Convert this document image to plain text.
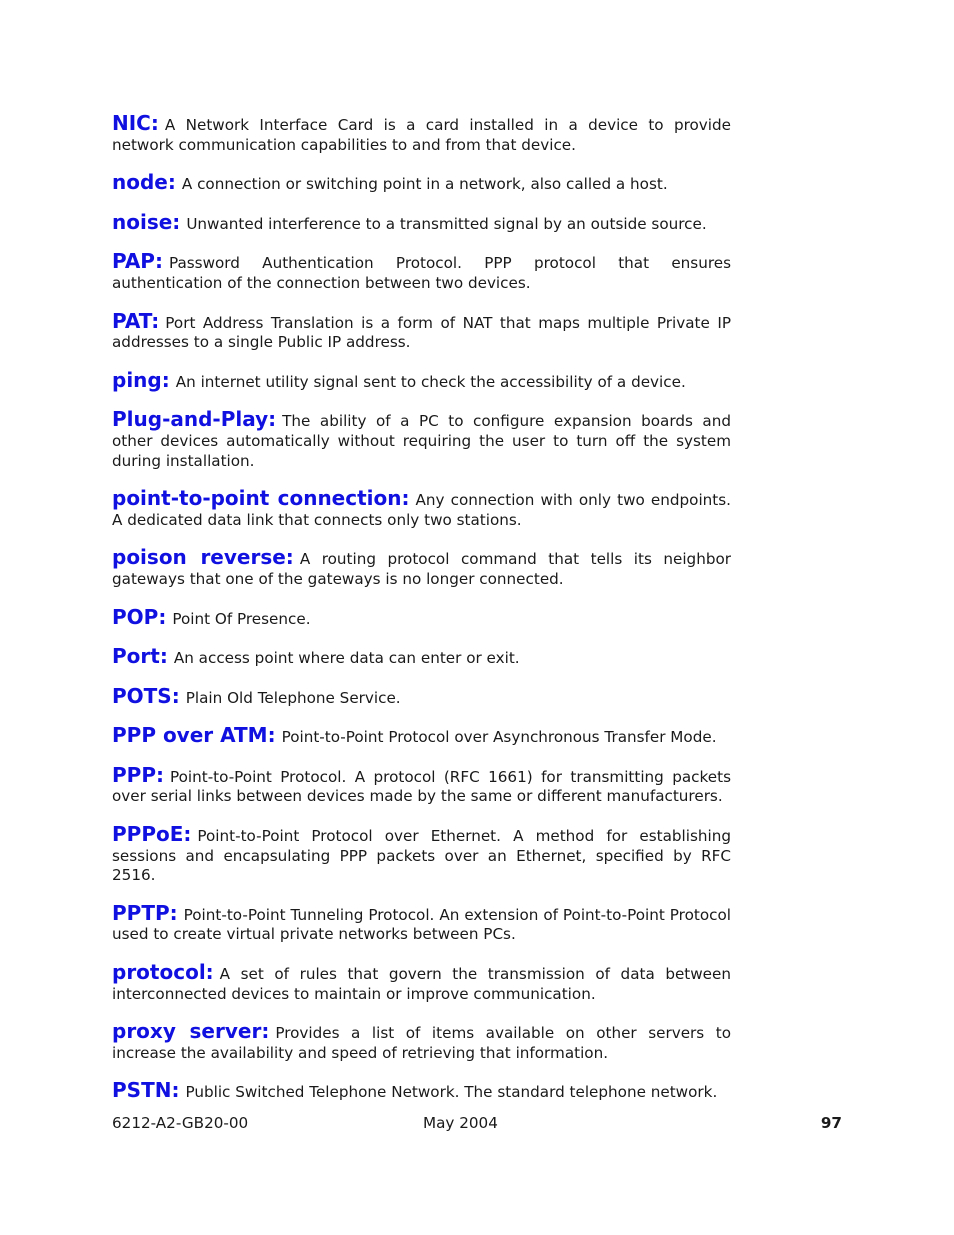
NIC: A Network Interface Card is a card installed in a device to provide network communication capabilities to and from that device.

node: A connection or switching point in a network, also called a host.

noise: Unwanted interference to a transmitted signal by an outside source.

PAP: Password Authentication Protocol. PPP protocol that ensures authentication of the connection between two devices.

PAT: Port Address Translation is a form of NAT that maps multiple Private IP addresses to a single Public IP address.

ping: An internet utility signal sent to check the accessibility of a device.

Plug-and-Play: The ability of a PC to configure expansion boards and other devices automatically without requiring the user to turn off the system during installation.

point-to-point connection: Any connection with only two endpoints. A dedicated data link that connects only two stations.

poison reverse: A routing protocol command that tells its neighbor gateways that one of the gateways is no longer connected.

POP: Point Of Presence.

Port: An access point where data can enter or exit.

POTS: Plain Old Telephone Service.

PPP over ATM: Point-to-Point Protocol over Asynchronous Transfer Mode.

PPP: Point-to-Point Protocol. A protocol (RFC 1661) for transmitting packets over serial links between devices made by the same or different manufacturers.

PPPoE: Point-to-Point Protocol over Ethernet. A method for establishing sessions and encapsulating PPP packets over an Ethernet, specified by RFC 2516.

PPTP: Point-to-Point Tunneling Protocol. An extension of Point-to-Point Protocol used to create virtual private networks between PCs.

protocol: A set of rules that govern the transmission of data between interconnected devices to maintain or improve communication.

proxy server: Provides a list of items available on other servers to increase the availability and speed of retrieving that information.

PSTN: Public Switched Telephone Network. The standard telephone network.

6212-A2-GB20-00	May 2004	97
